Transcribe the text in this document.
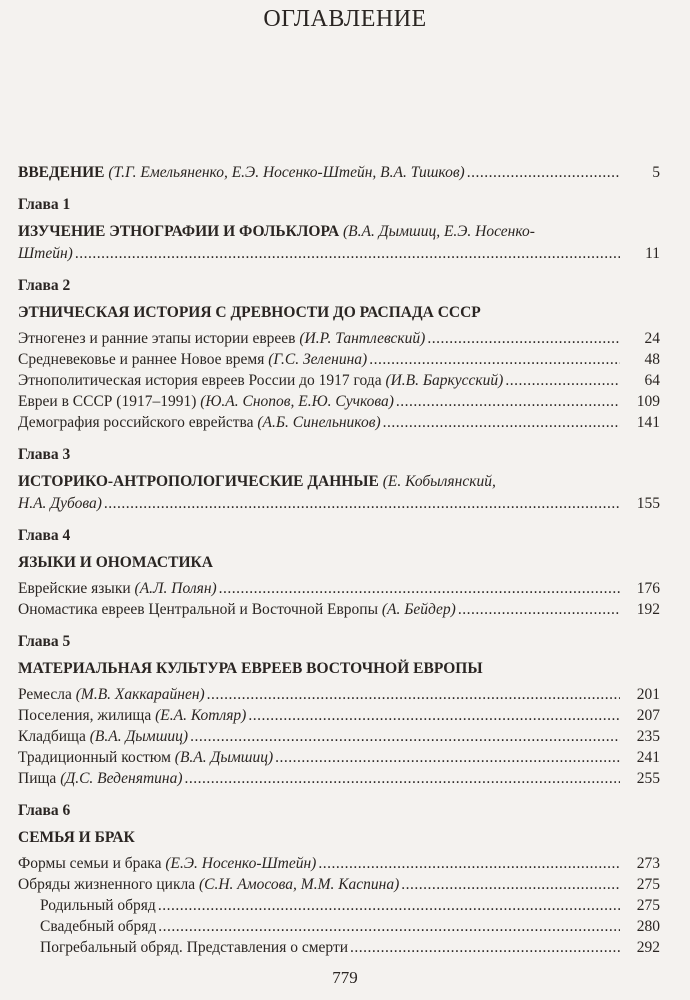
ОГЛАВЛЕНИЕ
ВВЕДЕНИЕ (Т.Г. Емельяненко, Е.Э. Носенко-Штейн, В.А. Тишков) .....	5
Глава 1
ИЗУЧЕНИЕ ЭТНОГРАФИИ И ФОЛЬКЛОРА (В.А. Дымшиц, Е.Э. Носенко-
Штейн) .....	11
Глава 2
ЭТНИЧЕСКАЯ ИСТОРИЯ С ДРЕВНОСТИ ДО РАСПАДА СССР
Этногенез и ранние этапы истории евреев (И.Р. Тантлевский) .....	24
Средневековье и раннее Новое время (Г.С. Зеленина) .....	48
Этнополитическая история евреев России до 1917 года (И.В. Баркусский) .....	64
Евреи в СССР (1917–1991) (Ю.А. Снопов, Е.Ю. Сучкова) .....	109
Демография российского еврейства (А.Б. Синельников) .....	141
Глава 3
ИСТОРИКО-АНТРОПОЛОГИЧЕСКИЕ ДАННЫЕ (Е. Кобылянский,
Н.А. Дубова) .....	155
Глава 4
ЯЗЫКИ И ОНОМАСТИКА
Еврейские языки (А.Л. Полян) .....	176
Ономастика евреев Центральной и Восточной Европы (А. Бейдер) .....	192
Глава 5
МАТЕРИАЛЬНАЯ КУЛЬТУРА ЕВРЕЕВ ВОСТОЧНОЙ ЕВРОПЫ
Ремесла (М.В. Хаккарайнен) .....	201
Поселения, жилища (Е.А. Котляр) .....	207
Кладбища (В.А. Дымшиц) .....	235
Традиционный костюм (В.А. Дымшиц) .....	241
Пища (Д.С. Веденятина) .....	255
Глава 6
СЕМЬЯ И БРАК
Формы семьи и брака (Е.Э. Носенко-Штейн) .....	273
Обряды жизненного цикла (С.Н. Амосова, М.М. Каспина) .....	275
Родильный обряд .....	275
Свадебный обряд .....	280
Погребальный обряд. Представления о смерти .....	292
779
